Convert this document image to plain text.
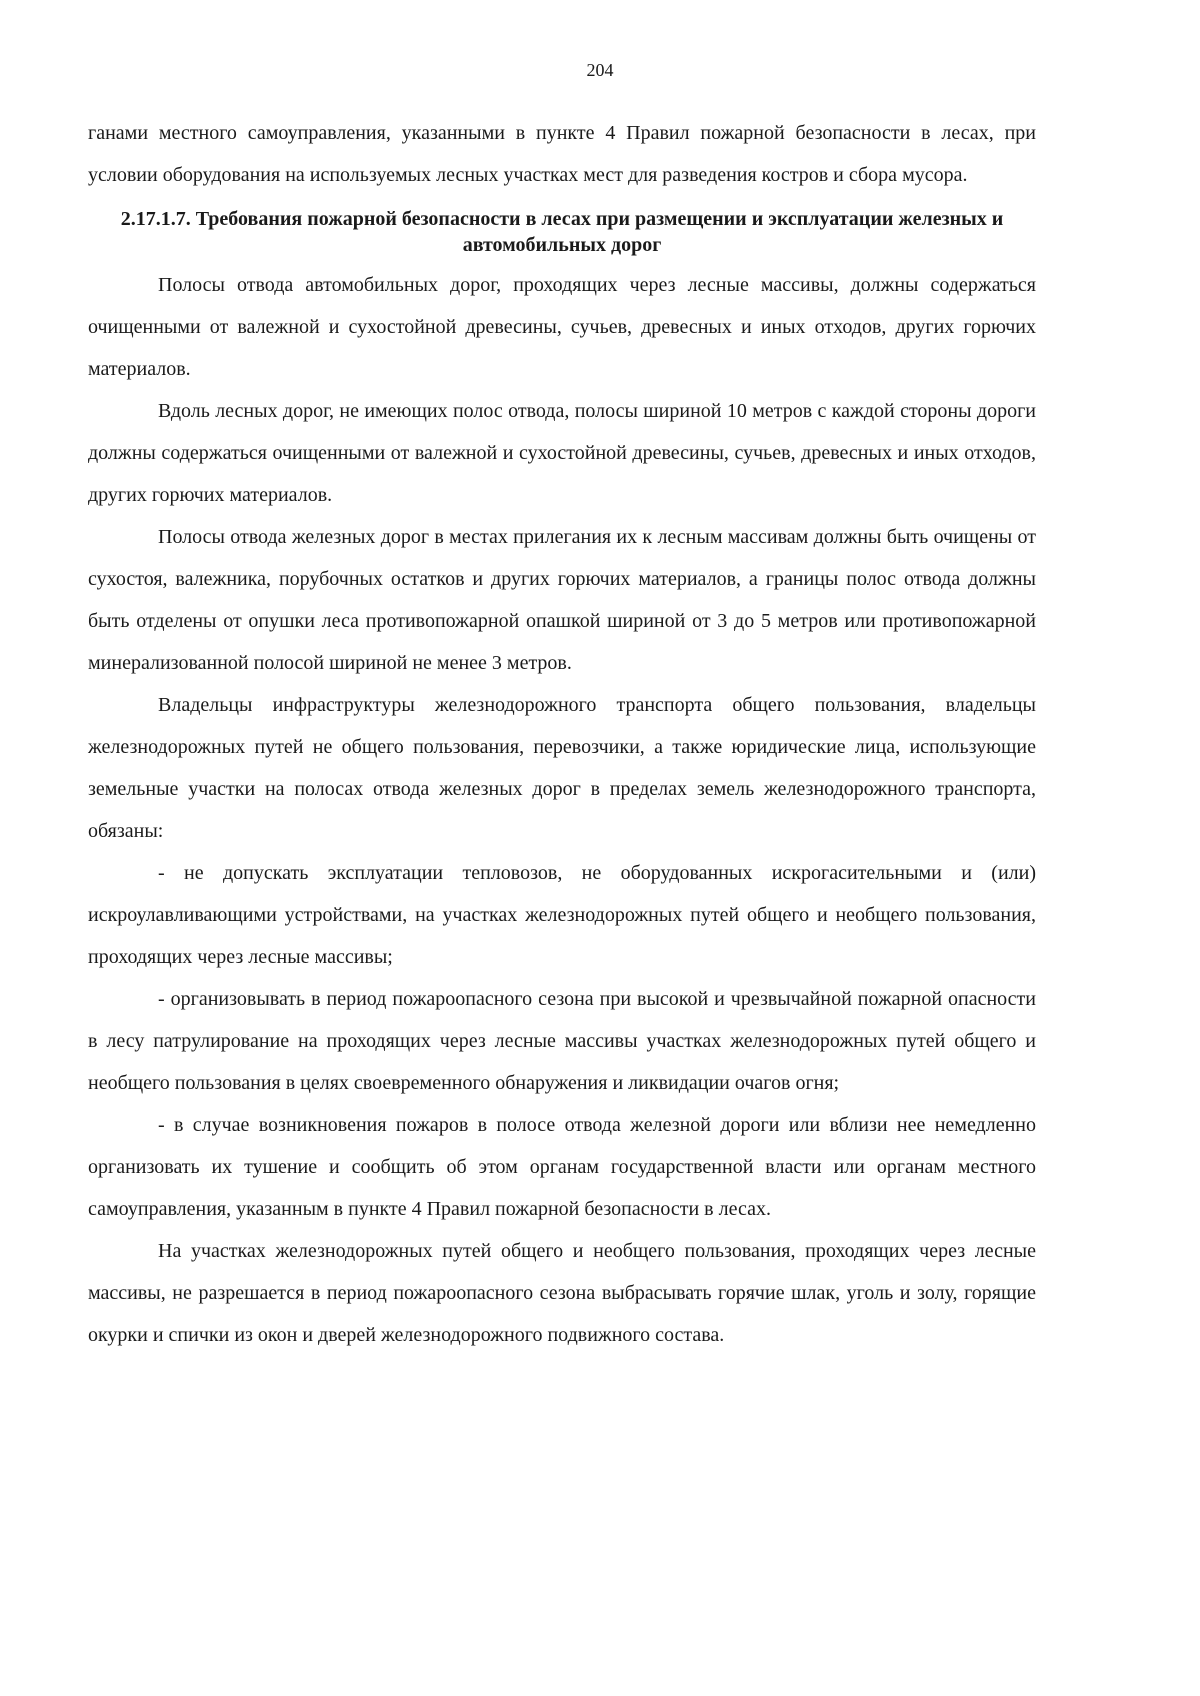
204

ганами местного самоуправления, указанными в пункте 4 Правил пожарной безопасности в лесах, при условии оборудования на используемых лесных участках мест для разведения костров и сбора мусора.

2.17.1.7. Требования пожарной безопасности в лесах при размещении и эксплуатации железных и автомобильных дорог

Полосы отвода автомобильных дорог, проходящих через лесные массивы, должны содержаться очищенными от валежной и сухостойной древесины, сучьев, древесных и иных отходов, других горючих материалов.

Вдоль лесных дорог, не имеющих полос отвода, полосы шириной 10 метров с каждой стороны дороги должны содержаться очищенными от валежной и сухостойной древесины, сучьев, древесных и иных отходов, других горючих материалов.

Полосы отвода железных дорог в местах прилегания их к лесным массивам должны быть очищены от сухостоя, валежника, порубочных остатков и других горючих материалов, а границы полос отвода должны быть отделены от опушки леса противопожарной опашкой шириной от 3 до 5 метров или противопожарной минерализованной полосой шириной не менее 3 метров.

Владельцы инфраструктуры железнодорожного транспорта общего пользования, владельцы железнодорожных путей не общего пользования, перевозчики, а также юридические лица, использующие земельные участки на полосах отвода железных дорог в пределах земель железнодорожного транспорта, обязаны:

- не допускать эксплуатации тепловозов, не оборудованных искрогасительными и (или) искроулавливающими устройствами, на участках железнодорожных путей общего и необщего пользования, проходящих через лесные массивы;

- организовывать в период пожароопасного сезона при высокой и чрезвычайной пожарной опасности в лесу патрулирование на проходящих через лесные массивы участках железнодорожных путей общего и необщего пользования в целях своевременного обнаружения и ликвидации очагов огня;

- в случае возникновения пожаров в полосе отвода железной дороги или вблизи нее немедленно организовать их тушение и сообщить об этом органам государственной власти или органам местного самоуправления, указанным в пункте 4 Правил пожарной безопасности в лесах.

На участках железнодорожных путей общего и необщего пользования, проходящих через лесные массивы, не разрешается в период пожароопасного сезона выбрасывать горячие шлак, уголь и золу, горящие окурки и спички из окон и дверей железнодорожного подвижного состава.
